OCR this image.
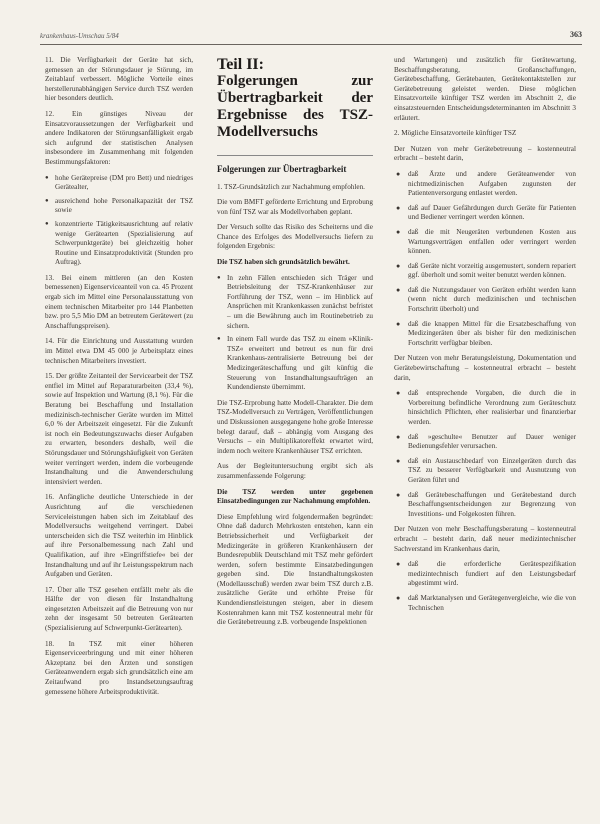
krankenhaus-Umschau 5/84	363

11. Die Verfügbarkeit der Geräte hat sich, gemessen an der Störungsdauer je Störung, im Zeitablauf verbessert. Mögliche Vorteile eines herstellerunabhängigen Service durch TSZ werden hier besonders deutlich.

12. Ein günstiges Niveau der Einsatzvoraussetzungen der Verfügbarkeit und andere Indikatoren der Störungsanfälligkeit ergab sich aufgrund der statistischen Analysen insbesondere im Zusammenhang mit folgenden Bestimmungsfaktoren:

● hohe Gerätepreise (DM pro Bett) und niedriges Gerätealter,
● ausreichend hohe Personalkapazität der TSZ sowie
● konzentrierte Tätigkeitsausrichtung auf relativ wenige Gerätearten (Spezialisierung auf Schwerpunktgeräte) bei gleichzeitig hoher Routine und Einsatzproduktivität (Stunden pro Auftrag).

13. Bei einem mittleren (an den Kosten bemessenen) Eigenserviceanteil von ca. 45 Prozent ergab sich im Mittel eine Personalausstattung von einem technischen Mitarbeiter pro 144 Planbetten bzw. pro 5,5 Mio DM an betreutem Gerätewert (zu Anschaffungspreisen).

14. Für die Einrichtung und Ausstattung wurden im Mittel etwa DM 45 000 je Arbeitsplatz eines technischen Mitarbeiters investiert.

15. Der größte Zeitanteil der Servicearbeit der TSZ entfiel im Mittel auf Reparaturarbeiten (33,4 %), sowie auf Inspektion und Wartung (8,1 %). Für die Beratung bei Beschaffung und Installation medizinisch-technischer Geräte wurden im Mittel 6,0 % der Arbeitszeit eingesetzt. Für die Zukunft ist noch ein Bedeutungszuwachs dieser Aufgaben zu erwarten, besonders deshalb, weil die Störungsdauer und Störungshäufigkeit von Geräten weiter verringert werden, indem die vorbeugende Instandhaltung und die Anwenderschulung intensiviert werden.

16. Anfängliche deutliche Unterschiede in der Ausrichtung auf die verschiedenen Serviceleistungen haben sich im Zeitablauf des Modellversuchs weitgehend verringert. Dabei unterscheiden sich die TSZ weiterhin im Hinblick auf ihre Personalbemessung nach Zahl und Qualifikation, auf ihre »Eingriffstiefe« bei der Instandhaltung und auf ihr Leistungsspektrum nach Aufgaben und Geräten.

17. Über alle TSZ gesehen entfällt mehr als die Hälfte der von diesen für Instandhaltung eingesetzten Arbeitszeit auf die Betreuung von nur zehn der insgesamt 50 betreuten Gerätearten (Spezialisierung auf Schwerpunkt-Gerätearten).

18. In TSZ mit einer höheren Eigenserviceerbringung und mit einer höheren Akzeptanz bei den Ärzten und sonstigen Geräteanwendern ergab sich grundsätzlich eine am Zeitaufwand pro Instandsetzungsauftrag gemessene höhere Arbeitsproduktivität.

Teil II:
Folgerungen zur Übertragbarkeit der Ergebnisse des TSZ-Modellversuchs
Folgerungen zur Übertragbarkeit

1. TSZ-Grundsätzlich zur Nachahmung empfohlen.

Die vom BMFT geförderte Errichtung und Erprobung von fünf TSZ war als Modellvorhaben geplant.

Der Versuch sollte das Risiko des Scheiterns und die Chance des Erfolges des Modellversuchs liefern zu folgenden Ergebnis:

Die TSZ haben sich grundsätzlich bewährt.

● In zehn Fällen entschieden sich Träger und Betriebsleitung der TSZ-Krankenhäuser zur Fortführung der TSZ, wenn – im Hinblick auf Ansprüchen mit Krankenkassen zunächst befristet – um die Bewährung auch im Routinebetrieb zu sichern.
● In einem Fall wurde das TSZ zu einem »Klinik-TSZ« erweitert und betreut es nun für drei Krankenhaus-zentralisierte Betreuung bei der Medizingeräteschaffung und gilt künftig die Steuerung von Instandhaltungsaufträgen an Kundendienste übernimmt.

Die TSZ-Erprobung hatte Modell-Charakter. Die dem TSZ-Modellversuch zu Verträgen, Veröffentlichungen und Diskussionen ausgegangene hohe große Interesse belegt darauf, daß – abhängig vom Ausgang des Versuchs – ein Multiplikatoreffekt erwartet wird, indem noch weitere Krankenhäuser TSZ errichten.

Aus der Begleituntersuchung ergibt sich als zusammenfassende Folgerung:

Die TSZ werden unter gegebenen Einsatzbedingungen zur Nachahmung empfohlen.

Diese Empfehlung wird folgendermaßen begründet: Ohne daß dadurch Mehrkosten entstehen, kann ein Betriebssicherheit und Verfügbarkeit der Medizingeräte in größeren Krankenhäusern der Bundesrepublik Deutschland mit TSZ mehr gefördert werden, sofern bestimmte Einsatzbedingungen gegeben sind. Die Instandhaltungskosten (Modellausschuß) werden zwar beim TSZ durch z.B. zusätzliche Geräte und erhöhte Preise für Kundendienstleistungen steigen, aber in diesem Kostenrahmen kann mit TSZ kostenneutral mehr für die Gerätebetreuung z.B. vorbeugende Inspektionen

und Wartungen) und zusätzlich für Gerätewartung, Beschaffungsberatung, Großanschaffungen, Gerätebeschaffung, Gerätebauten, Gerätekontaktstellen zur Gerätebetreuung geleistet werden. Diese möglichen Einsatzvorteile künftiger TSZ werden im Abschnitt 2, die einsatzsteuernden Entscheidungsdeterminanten im Abschnitt 3 erläutert.

2. Mögliche Einsatzvorteile künftiger TSZ

Der Nutzen von mehr Gerätebetreuung – kostenneutral erbracht – besteht darin,

● daß Ärzte und andere Geräteanwender von nichtmedizinischen Aufgaben zugunsten der Patientenversorgung entlastet werden.
● daß auf Dauer Gefährdungen durch Geräte für Patienten und Bediener verringert werden können.
● daß die mit Neugeräten verbundenen Kosten aus Wartungsverträgen entfallen oder verringert werden können.
● daß Geräte nicht vorzeitig ausgemustert, sondern repariert ggf. überholt und somit weiter benutzt werden können.
● daß die Nutzungsdauer von Geräten erhöht werden kann (wenn nicht durch medizinischen und technischen Fortschritt überholt) und
● daß die knappen Mittel für die Ersatzbeschaffung von Medizingeräten über als bisher für den medizinischen Fortschritt verfügbar bleiben.

Der Nutzen von mehr Beratungsleistung, Dokumentation und Gerätebewirtschaftung – kostenneutral erbracht – besteht darin,

● daß entsprechende Vorgaben, die durch die in Vorbereitung befindliche Verordnung zum Geräteschutz hinsichtlich Pflichten, eher realisierbar und finanzierbar werden.
● daß »geschulte« Benutzer auf Dauer weniger Bedienungsfehler verursachen.
● daß ein Austauschbedarf von Einzelgeräten durch das TSZ zu besserer Verfügbarkeit und Ausnutzung von Geräten führt und
● daß Gerätebeschaffungen und Gerätebestand durch Beschaffungsentscheidungen zur Begrenzung von Investitions- und Folgekosten führen.

Der Nutzen von mehr Beschaffungsberatung – kostenneutral erbracht – besteht darin, daß neuer medizintechnischer Sachverstand im Krankenhaus darin,

● daß die erforderliche Gerätespezifikation medizintechnisch fundiert auf den Leistungsbedarf abgestimmt wird.
● daß Marktanalysen und Gerätegenvergleiche, wie die von Technischen
